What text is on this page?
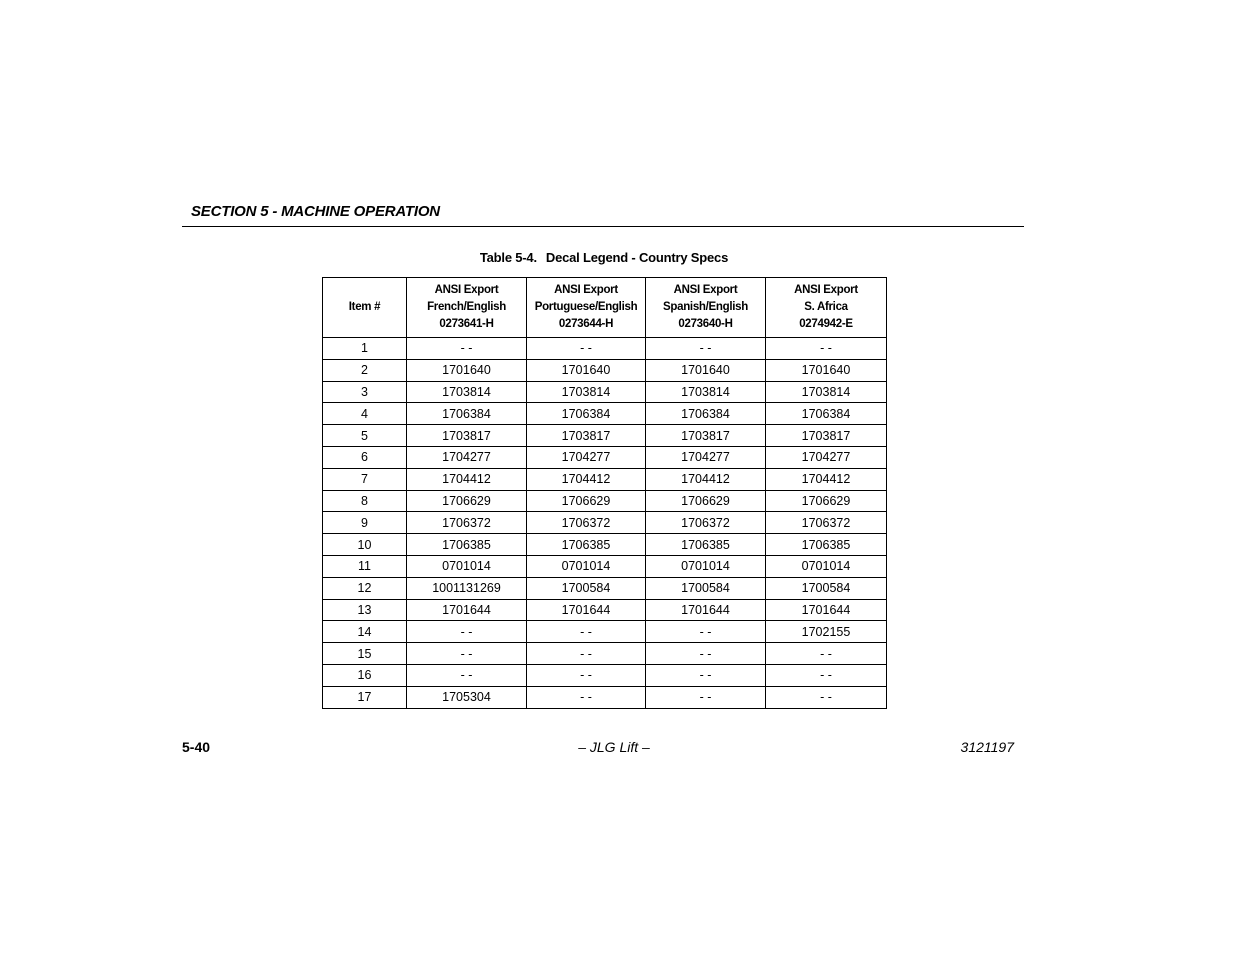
SECTION 5 - MACHINE OPERATION
Table 5-4. Decal Legend - Country Specs
Item #	ANSI Export
French/English
0273641-H	ANSI Export
Portuguese/English
0273644-H	ANSI Export
Spanish/English
0273640-H	ANSI Export
S. Africa
0274942-E

1	- -	- -	- -	- -
2	1701640	1701640	1701640	1701640
3	1703814	1703814	1703814	1703814
4	1706384	1706384	1706384	1706384
5	1703817	1703817	1703817	1703817
6	1704277	1704277	1704277	1704277
7	1704412	1704412	1704412	1704412
8	1706629	1706629	1706629	1706629
9	1706372	1706372	1706372	1706372
10	1706385	1706385	1706385	1706385
11	0701014	0701014	0701014	0701014
12	1001131269	1700584	1700584	1700584
13	1701644	1701644	1701644	1701644
14	- -	- -	- -	1702155
15	- -	- -	- -	- -
16	- -	- -	- -	- -
17	1705304	- -	- -	- -
5-40	– JLG Lift –	3121197
